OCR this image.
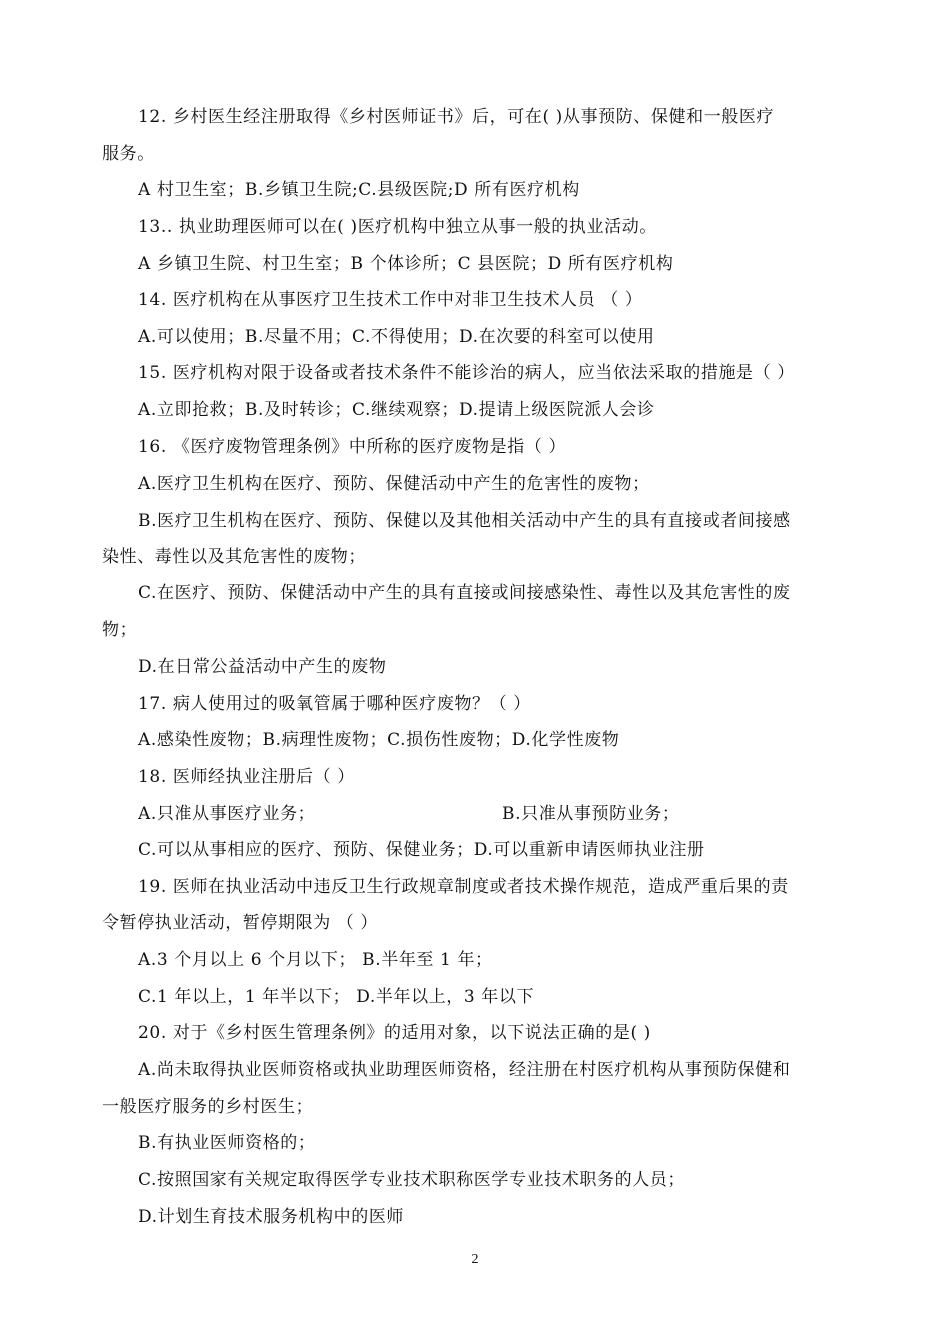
12. 乡村医生经注册取得《乡村医师证书》后，可在( )从事预防、保健和一般医疗
服务。
A 村卫生室；B.乡镇卫生院;C.县级医院;D 所有医疗机构
13.. 执业助理医师可以在( )医疗机构中独立从事一般的执业活动。
A 乡镇卫生院、村卫生室；B 个体诊所；C 县医院；D 所有医疗机构
14. 医疗机构在从事医疗卫生技术工作中对非卫生技术人员 （ ）
A.可以使用；B.尽量不用；C.不得使用；D.在次要的科室可以使用
15. 医疗机构对限于设备或者技术条件不能诊治的病人，应当依法采取的措施是（ ）
A.立即抢救；B.及时转诊；C.继续观察；D.提请上级医院派人会诊
16. 《医疗废物管理条例》中所称的医疗废物是指（ ）
A.医疗卫生机构在医疗、预防、保健活动中产生的危害性的废物；
B.医疗卫生机构在医疗、预防、保健以及其他相关活动中产生的具有直接或者间接感
染性、毒性以及其危害性的废物；
C.在医疗、预防、保健活动中产生的具有直接或间接感染性、毒性以及其危害性的废
物；
D.在日常公益活动中产生的废物
17. 病人使用过的吸氧管属于哪种医疗废物？（ ）
A.感染性废物；B.病理性废物；C.损伤性废物；D.化学性废物
18. 医师经执业注册后（ ）
A.只准从事医疗业务；	B.只准从事预防业务；
C.可以从事相应的医疗、预防、保健业务；D.可以重新申请医师执业注册
19. 医师在执业活动中违反卫生行政规章制度或者技术操作规范，造成严重后果的责
令暂停执业活动，暂停期限为 （ ）
A.3 个月以上 6 个月以下； B.半年至 1 年；
C.1 年以上，1 年半以下； D.半年以上，3 年以下
20. 对于《乡村医生管理条例》的适用对象，以下说法正确的是( )
A.尚未取得执业医师资格或执业助理医师资格，经注册在村医疗机构从事预防保健和
一般医疗服务的乡村医生；
B.有执业医师资格的；
C.按照国家有关规定取得医学专业技术职称医学专业技术职务的人员；
D.计划生育技术服务机构中的医师
2
